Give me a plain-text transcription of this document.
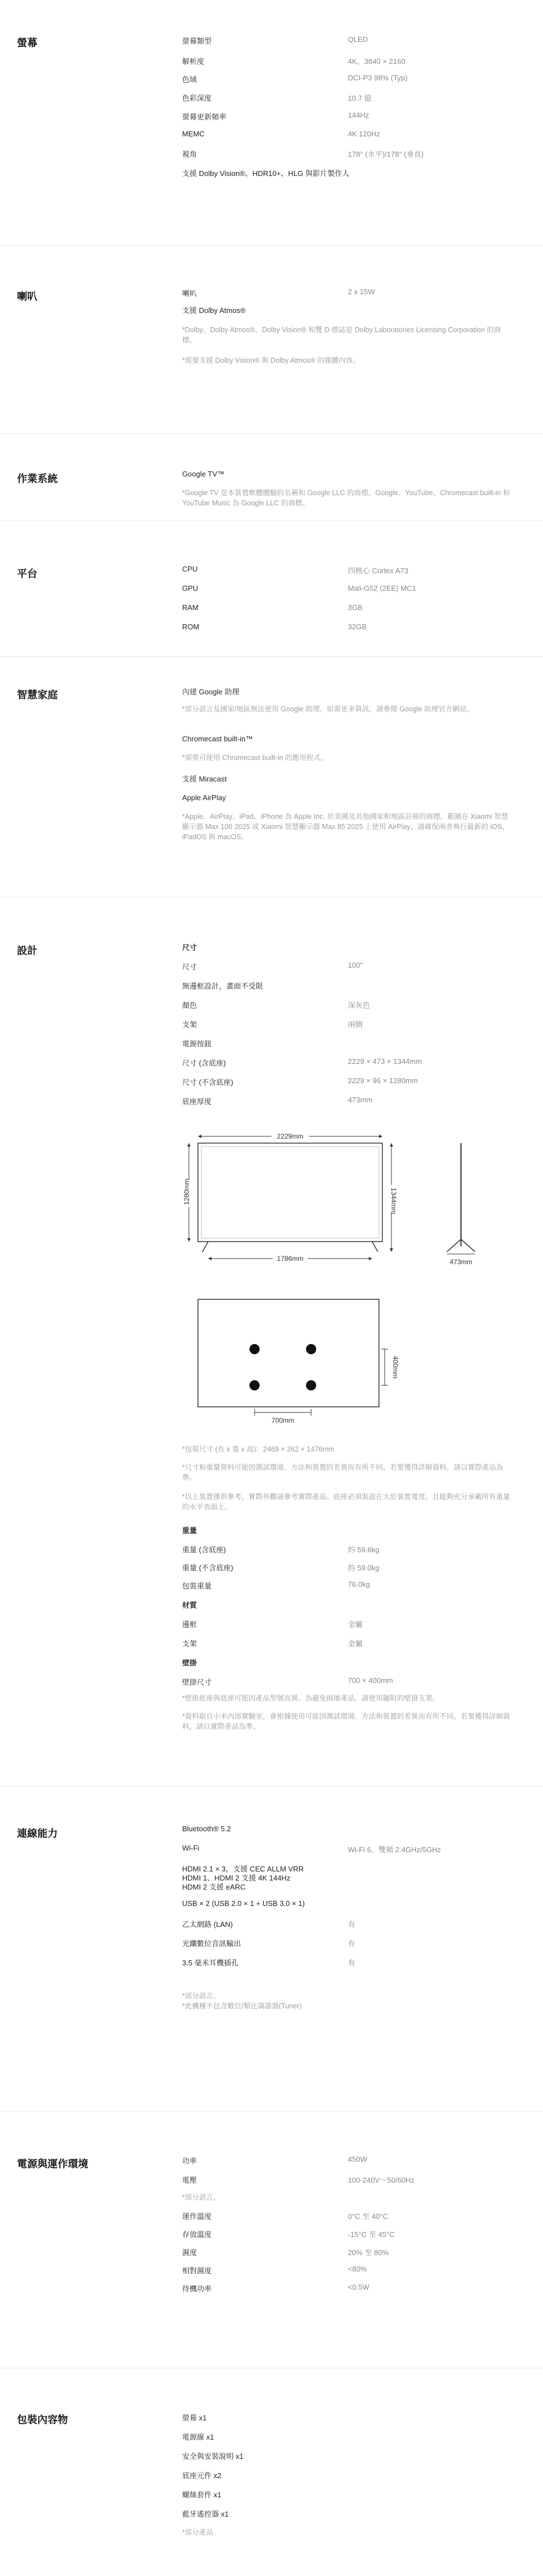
螢幕	螢幕類型	QLED
解析度	4K，3840 × 2160
色域	DCI-P3 98% (Typ)
色彩深度	10.7 億
螢幕更新頻率	144Hz
MEMC	4K 120Hz
視角	178° (水平)/178° (垂直)
支援 Dolby Vision®、HDR10+、HLG 與影片製作人
喇叭	喇叭	2 x 15W
支援 Dolby Atmos®
*Dolby、Dolby Atmos®、Dolby Vision® 和雙 D 標誌是 Dolby Laboratories Licensing Corporation 的商標。
*需要支援 Dolby Vision® 與 Dolby Atmos® 的媒體內容。
作業系統	Google TV™
*Google TV 是本裝置軟體體驗的名稱和 Google LLC 的商標。Google、YouTube、Chromecast built-in 和 YouTube Music 為 Google LLC 的商標。
平台	CPU	四核心 Cortex A73
GPU	Mali-G52 (2EE) MC1
RAM	3GB
ROM	32GB
智慧家庭	內建 Google 助理
*部分語言及國家/地區無法使用 Google 助理。如需更多資訊，請參閱 Google 助理官方網站。
Chromecast built-in™
*需要可使用 Chromecast built-in 的應用程式。
支援 Miracast
Apple AirPlay
*Apple、AirPlay、iPad、iPhone 為 Apple Inc. 於美國及其他國家和地區註冊的商標。範圍在 Xiaomi 智慧顯示器 Max 100 2025 或 Xiaomi 智慧顯示器 Max 85 2025 上使用 AirPlay，請確保兩者執行最新的 iOS、iPadOS 與 macOS。
設計	尺寸
尺寸	100"
無邊框設計，畫面不受限
顏色	深灰色
支架	兩側
電源按鈕
尺寸 (含底座)	2229 × 473 × 1344mm
尺寸 (不含底座)	2229 × 96 × 1280mm
底座厚度	473mm
2229mm
1280mm	1344mm
1786mm	473mm
400mm
700mm
*包裝尺寸 (長 x 寬 x 高)：2469 × 262 × 1476mm
*尺寸和重量資料可能因測試環境、方法和裝置的差異而有所不同。若要獲得詳細資料，請以實際產品為準。
*以上裝置僅供參考。實際外觀請參考實際產品。底座必須裝設在大於裝置寬度，且能夠充分承載所有重量的水平表面上。
重量
重量 (含底座)	約 59.6kg
重量 (不含底座)	約 59.0kg
包裝重量	76.0kg
材質
邊框	金屬
支架	金屬
壁掛
壁掛尺寸	700 × 400mm
*壁掛底座與底座可能因產品型號而異。為避免損壞產品，請使用隨附的壁掛支架。
*資料取自小米內部實驗室，會根據使用可能因測試環境、方法和裝置的差異而有所不同。若要獲得詳細資料，請以實際產品為準。
連線能力	Bluetooth® 5.2
Wi-Fi	Wi-Fi 6，雙頻 2.4GHz/5GHz
HDMI 2.1 × 3，支援 CEC ALLM VRR
HDMI 1、HDMI 2 支援 4K 144Hz
HDMI 2 支援 eARC
USB × 2 (USB 2.0 × 1 + USB 3.0 × 1)
乙太網路 (LAN)	有
光纖數位音訊輸出	有
3.5 毫米耳機插孔	有
*部分語言。
*此機種不包含數位/類比調諧器(Tuner)
電源與運作環境	功率	450W
電壓	100-240V〜50/60Hz
*部分語言。
運作溫度	0°C 至 40°C
存放溫度	-15°C 至 45°C
濕度	20% 至 80%
相對濕度	<80%
待機功率	<0.5W
包裝內容物	螢幕 x1
電源線 x1
安全與安裝說明 x1
底座元件 x2
螺絲套件 x1
藍牙遙控器 x1
*部分產品
